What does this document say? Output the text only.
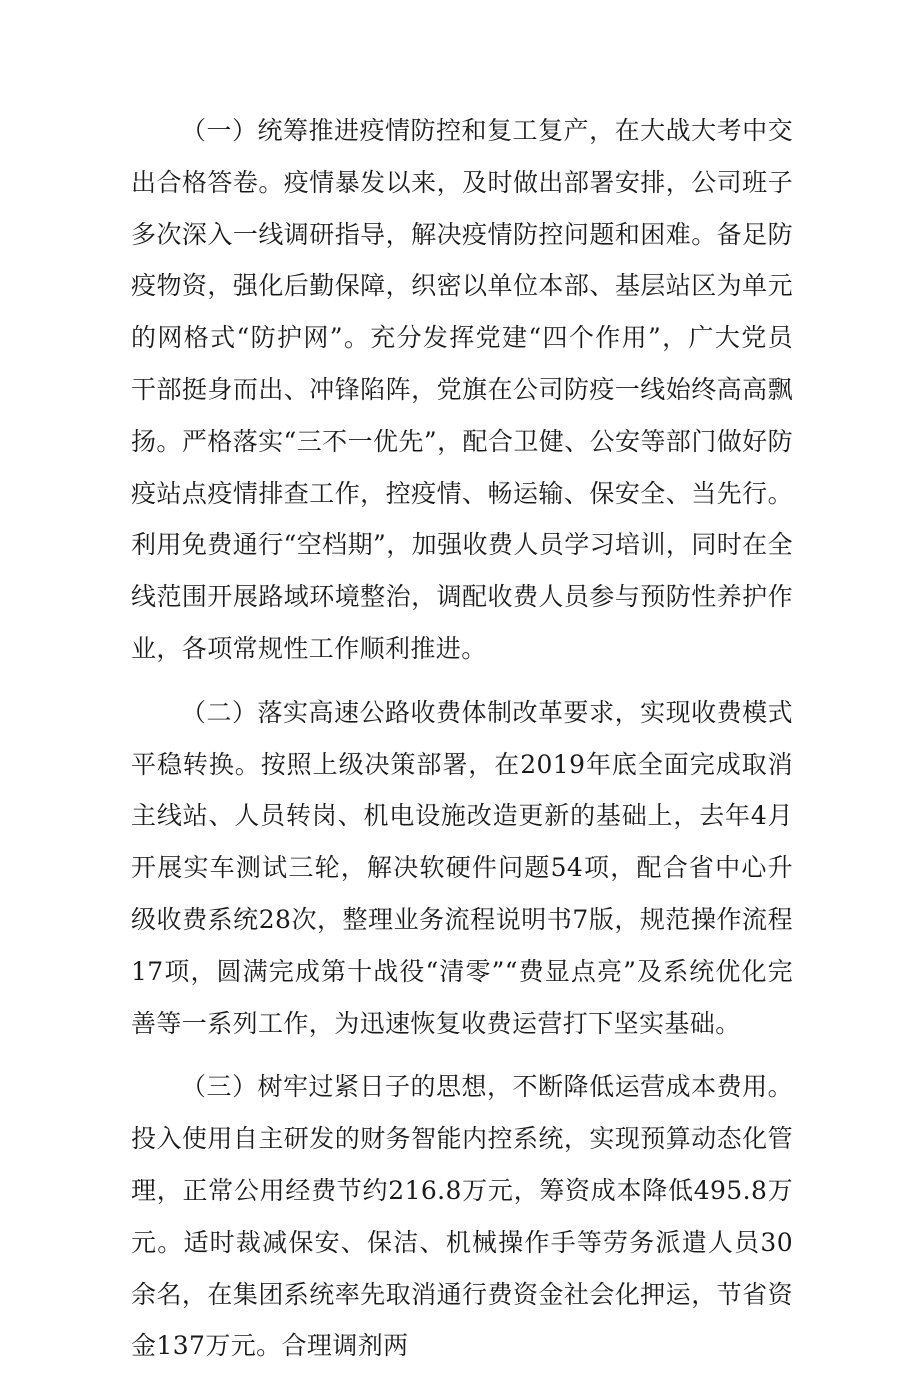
（一）统筹推进疫情防控和复工复产，在大战大考中交出合格答卷。疫情暴发以来，及时做出部署安排，公司班子多次深入一线调研指导，解决疫情防控问题和困难。备足防疫物资，强化后勤保障，织密以单位本部、基层站区为单元的网格式“防护网”。充分发挥党建“四个作用”，广大党员干部挺身而出、冲锋陷阵，党旗在公司防疫一线始终高高飘扬。严格落实“三不一优先”，配合卫健、公安等部门做好防疫站点疫情排查工作，控疫情、畅运输、保安全、当先行。利用免费通行“空档期”，加强收费人员学习培训，同时在全线范围开展路域环境整治，调配收费人员参与预防性养护作业，各项常规性工作顺利推进。

（二）落实高速公路收费体制改革要求，实现收费模式平稳转换。按照上级决策部署，在2019年底全面完成取消主线站、人员转岗、机电设施改造更新的基础上，去年4月开展实车测试三轮，解决软硬件问题54项，配合省中心升级收费系统28次，整理业务流程说明书7版，规范操作流程17项，圆满完成第十战役“清零”“费显点亮”及系统优化完善等一系列工作，为迅速恢复收费运营打下坚实基础。

（三）树牢过紧日子的思想，不断降低运营成本费用。投入使用自主研发的财务智能内控系统，实现预算动态化管理，正常公用经费节约216.8万元，筹资成本降低495.8万元。适时裁减保安、保洁、机械操作手等劳务派遣人员30余名，在集团系统率先取消通行费资金社会化押运，节省资金137万元。合理调剂两
